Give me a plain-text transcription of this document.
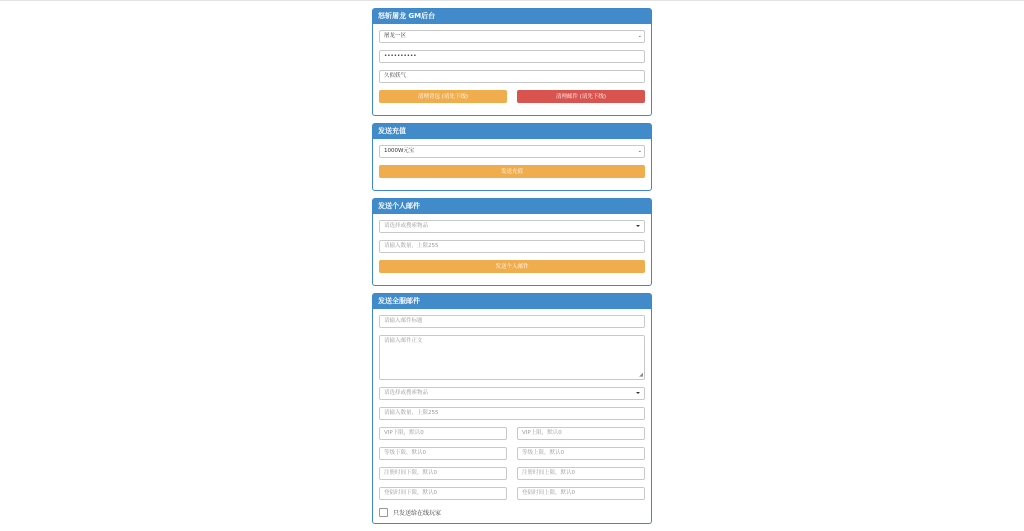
怒斩屠龙 GM后台
屠龙一区	⌄
••••••••••
久似妖气
清理背包 (请先下线)	清理邮件 (请先下线)
发送充值
1000W元宝	⌄
发送充值
发送个人邮件
请选择或搜索物品
请输入数量，上限255
发送个人邮件
发送全服邮件
请输入邮件标题
请输入邮件正文
◢
请选择或搜索物品
请输入数量，上限255
VIP下限，默认0	VIP上限，默认0
等级下限，默认0	等级上限，默认0
注册时间下限，默认0	注册时间上限，默认0
登陆时间下限，默认0	登陆时间上限，默认0
只发送给在线玩家
